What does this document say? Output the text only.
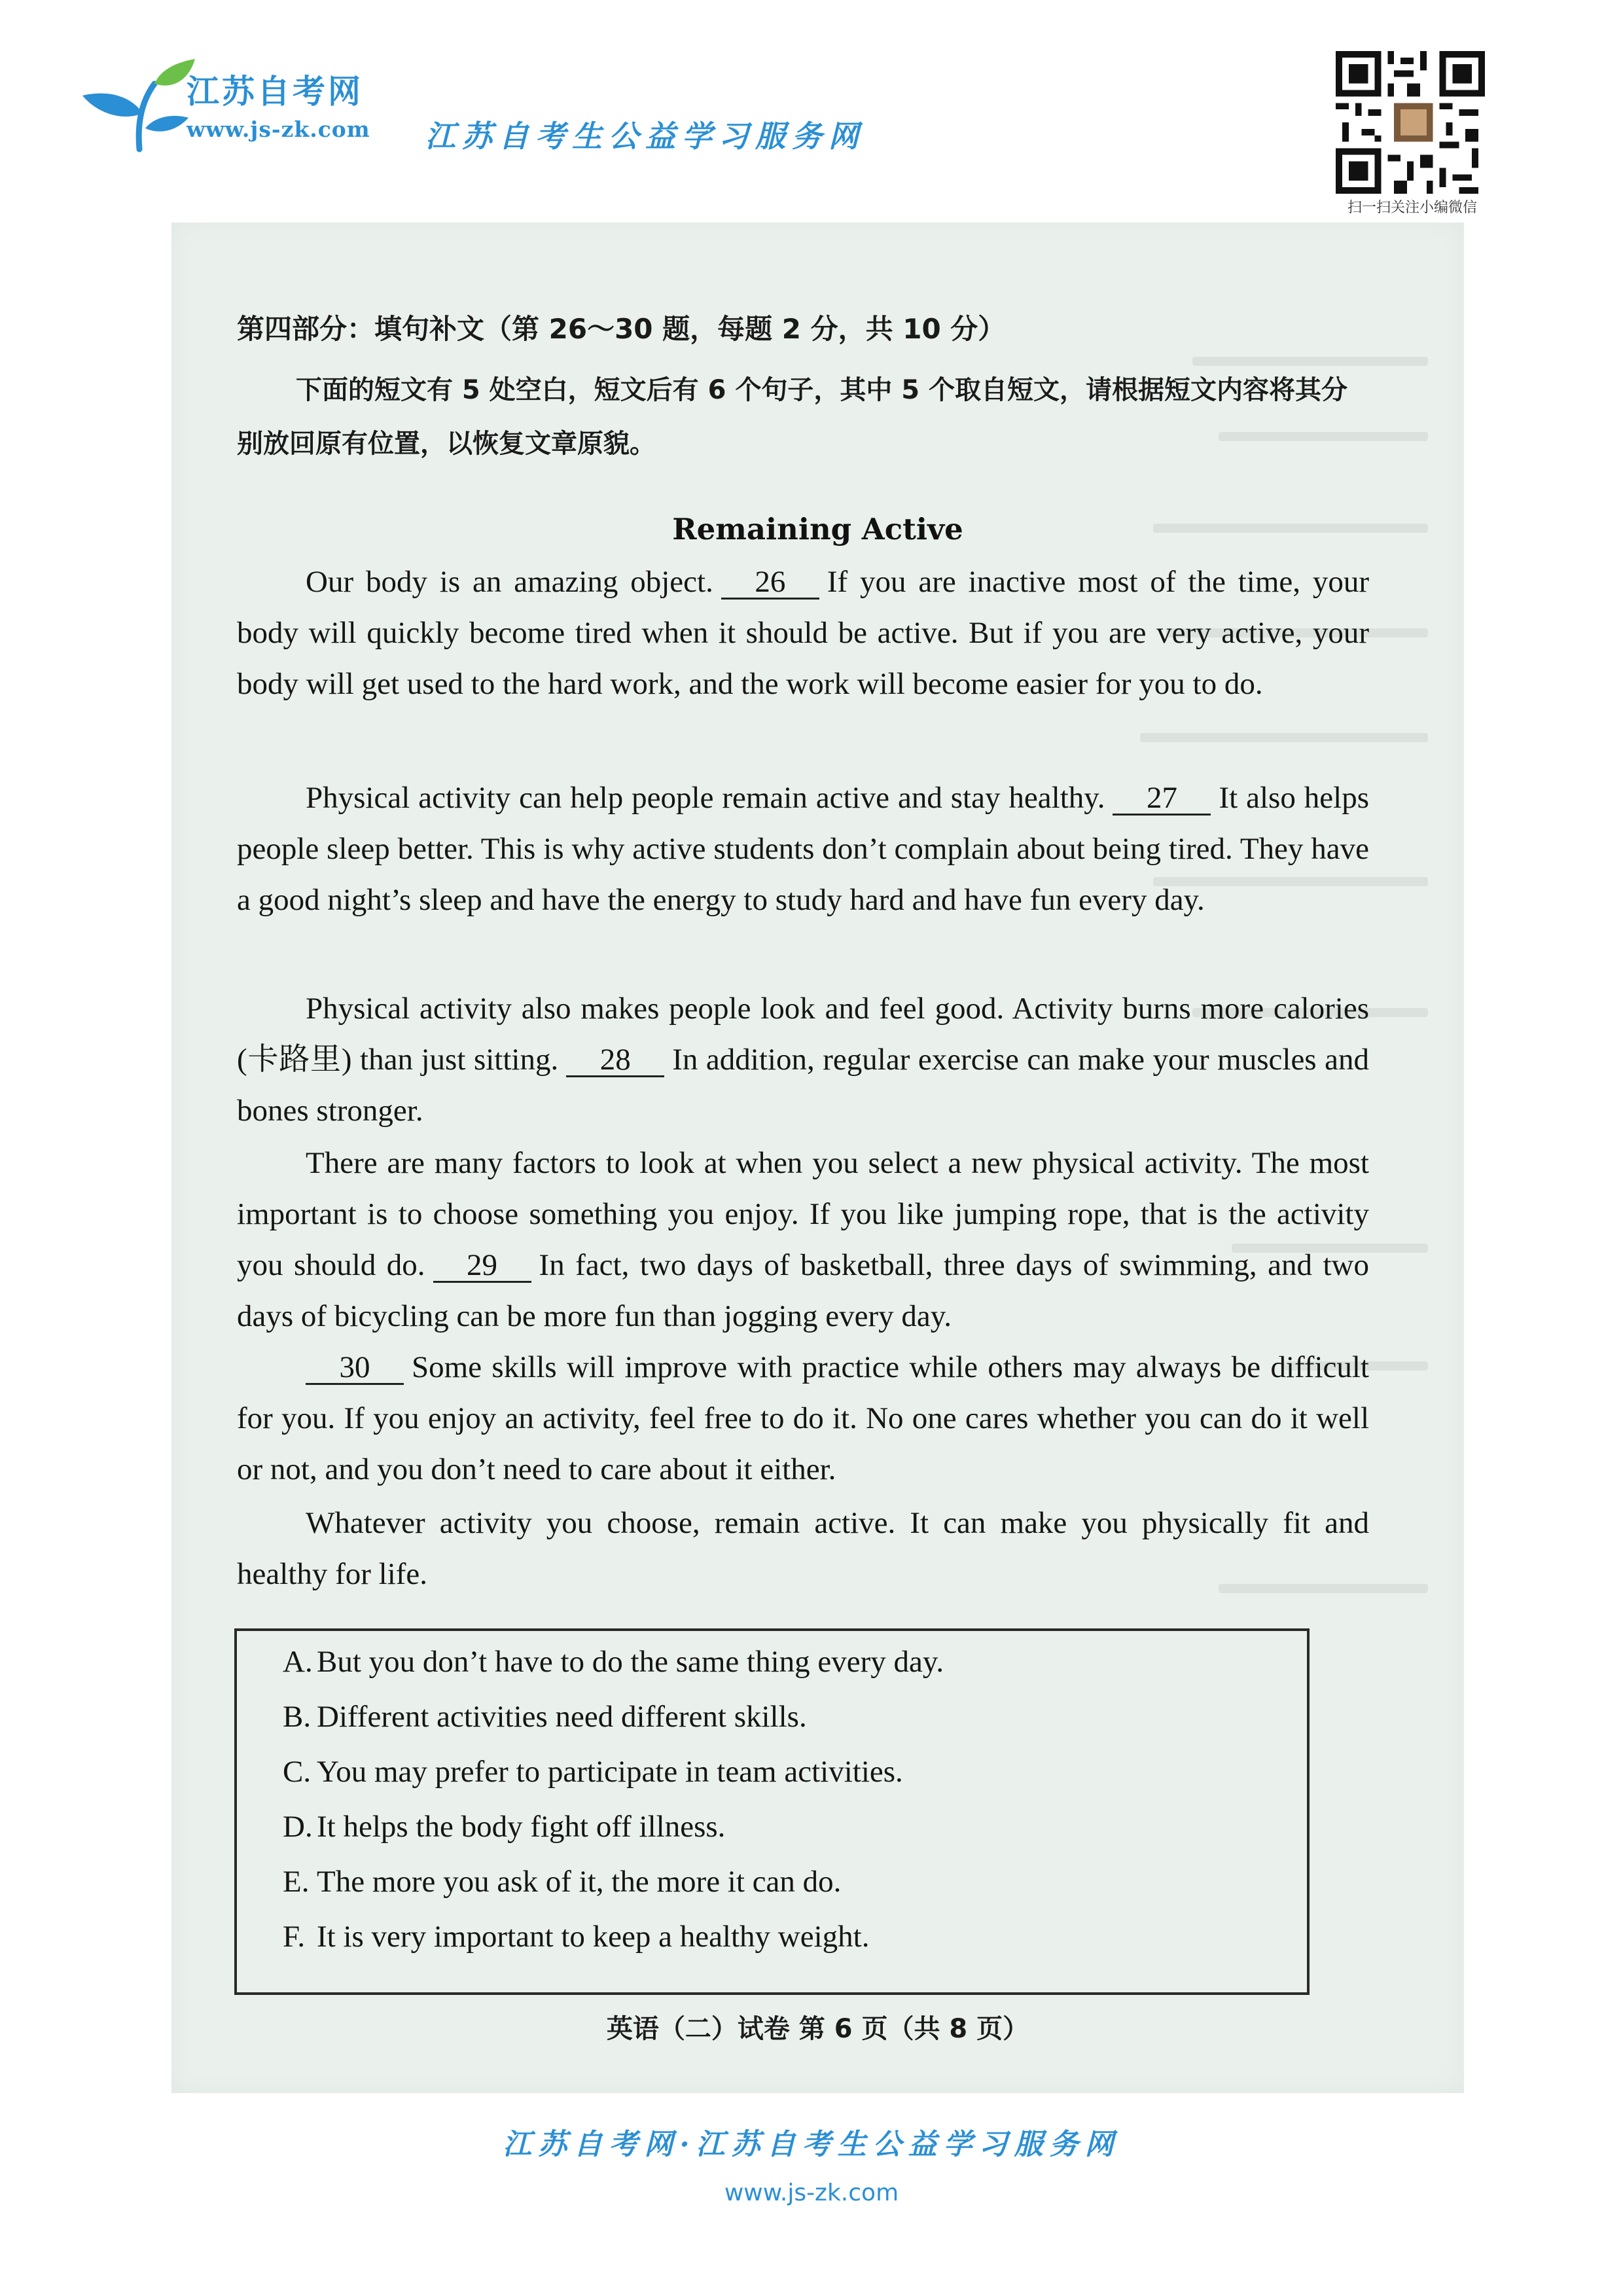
江苏自考网
www.js-zk.com 江苏自考生公益学习服务网
扫一扫关注小编微信
第四部分：填句补文（第 26～30 题，每题 2 分，共 10 分）
下面的短文有 5 处空白，短文后有 6 个句子，其中 5 个取自短文，请根据短文内容将其分别放回原有位置，以恢复文章原貌。
Remaining Active
Our body is an amazing object. 26 If you are inactive most of the time, your body will quickly become tired when it should be active. But if you are very active, your body will get used to the hard work, and the work will become easier for you to do.
Physical activity can help people remain active and stay healthy. 27 It also helps people sleep better. This is why active students don’t complain about being tired. They have a good night’s sleep and have the energy to study hard and have fun every day.
Physical activity also makes people look and feel good. Activity burns more calories (卡路里) than just sitting. 28 In addition, regular exercise can make your muscles and bones stronger.
There are many factors to look at when you select a new physical activity. The most important is to choose something you enjoy. If you like jumping rope, that is the activity you should do. 29 In fact, two days of basketball, three days of swimming, and two days of bicycling can be more fun than jogging every day.
30 Some skills will improve with practice while others may always be difficult for you. If you enjoy an activity, feel free to do it. No one cares whether you can do it well or not, and you don’t need to care about it either.
Whatever activity you choose, remain active. It can make you physically fit and healthy for life.
A. But you don’t have to do the same thing every day.
B. Different activities need different skills.
C. You may prefer to participate in team activities.
D. It helps the body fight off illness.
E. The more you ask of it, the more it can do.
F. It is very important to keep a healthy weight.
英语（二）试卷 第 6 页（共 8 页）
江苏自考网·江苏自考生公益学习服务网
www.js-zk.com
